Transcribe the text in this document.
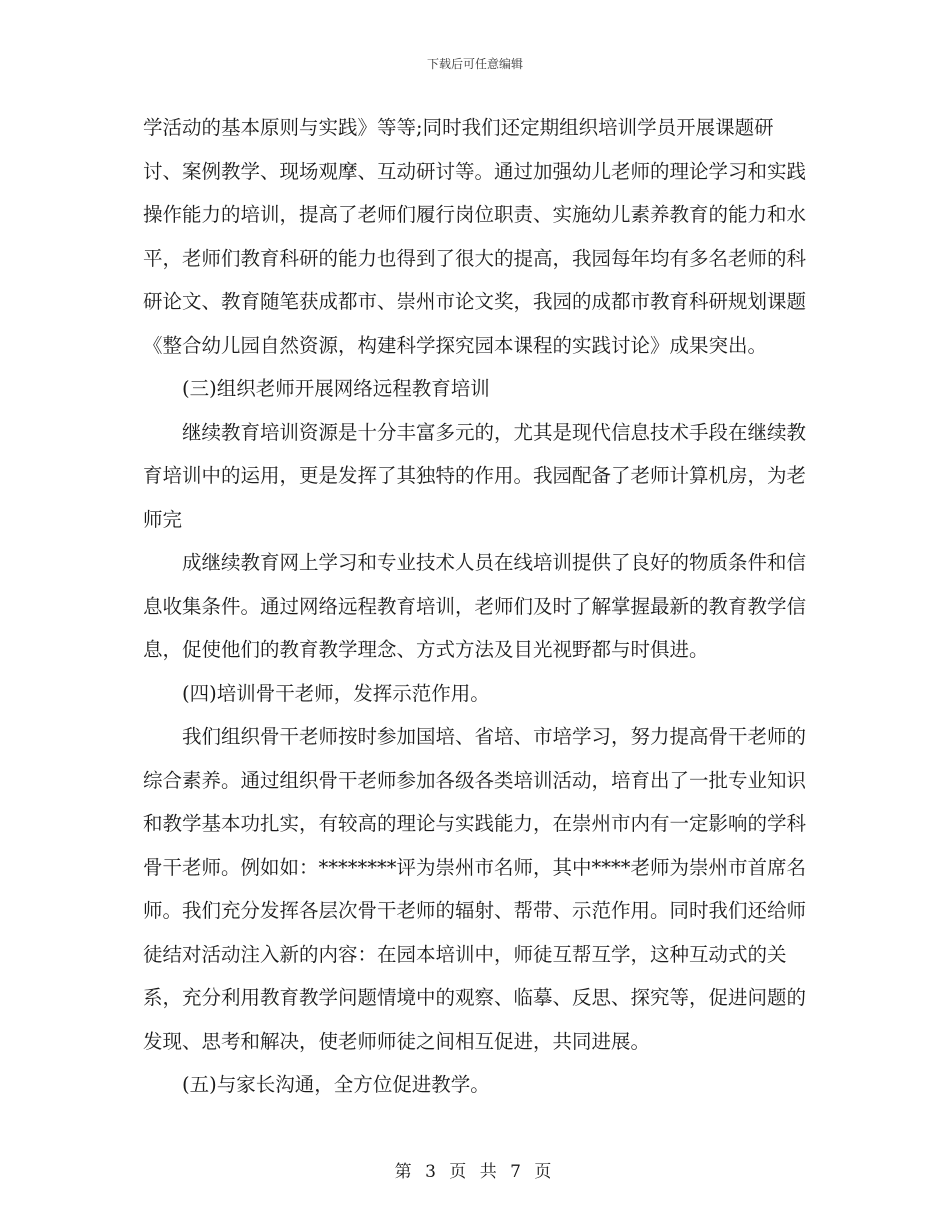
下载后可任意编辑

学活动的基本原则与实践》等等;同时我们还定期组织培训学员开展课题研讨、案例教学、现场观摩、互动研讨等。通过加强幼儿老师的理论学习和实践操作能力的培训，提高了老师们履行岗位职责、实施幼儿素养教育的能力和水平，老师们教育科研的能力也得到了很大的提高，我园每年均有多名老师的科研论文、教育随笔获成都市、崇州市论文奖，我园的成都市教育科研规划课题《整合幼儿园自然资源，构建科学探究园本课程的实践讨论》成果突出。

(三)组织老师开展网络远程教育培训

继续教育培训资源是十分丰富多元的，尤其是现代信息技术手段在继续教育培训中的运用，更是发挥了其独特的作用。我园配备了老师计算机房，为老师完

成继续教育网上学习和专业技术人员在线培训提供了良好的物质条件和信息收集条件。通过网络远程教育培训，老师们及时了解掌握最新的教育教学信息，促使他们的教育教学理念、方式方法及目光视野都与时俱进。

(四)培训骨干老师，发挥示范作用。

我们组织骨干老师按时参加国培、省培、市培学习，努力提高骨干老师的综合素养。通过组织骨干老师参加各级各类培训活动，培育出了一批专业知识和教学基本功扎实，有较高的理论与实践能力，在崇州市内有一定影响的学科骨干老师。例如如：********评为崇州市名师，其中****老师为崇州市首席名师。我们充分发挥各层次骨干老师的辐射、帮带、示范作用。同时我们还给师徒结对活动注入新的内容：在园本培训中，师徒互帮互学，这种互动式的关系，充分利用教育教学问题情境中的观察、临摹、反思、探究等，促进问题的发现、思考和解决，使老师师徒之间相互促进，共同进展。

(五)与家长沟通，全方位促进教学。

第 3 页 共 7 页
